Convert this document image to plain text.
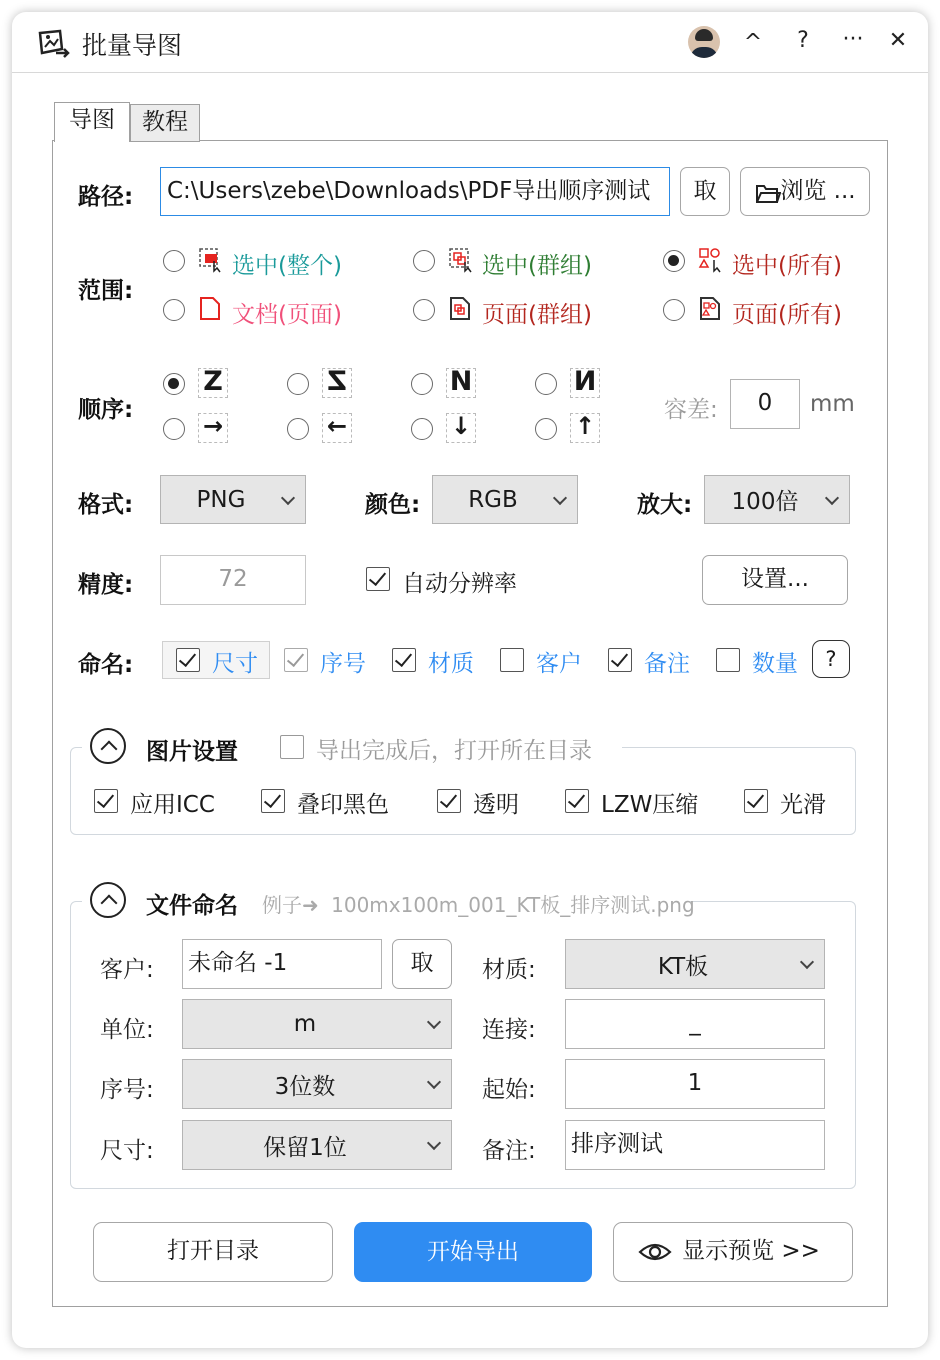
批量导图	^	?	··· ✕
导图	教程
路径:	C:\Users\zebe\Downloads\PDF导出顺序测试	取	浏览 ...
范围:
选中(整个)	选中(群组)	选中(所有)
文档(页面)	页面(群组)	页面(所有)
顺序:
Z	Z	N	N
→	←	↓	↑
容差:	0	mm
格式:	PNG	颜色:	RGB	放大:	100倍
精度:	72	自动分辨率	设置...
命名:	尺寸	序号	材质	客户	备注	数量	?
图片设置	导出完成后，打开所在目录
应用ICC	叠印黑色	透明	LZW压缩	光滑
文件命名 例子➜ 100mx100m_001_KT板_排序测试.png
客户: 未命名 -1	取	材质:	KT板
单位:	m	连接:	_
序号:	3位数	起始:	1
尺寸:	保留1位	备注: 排序测试
打开目录	开始导出	显示预览 >>
